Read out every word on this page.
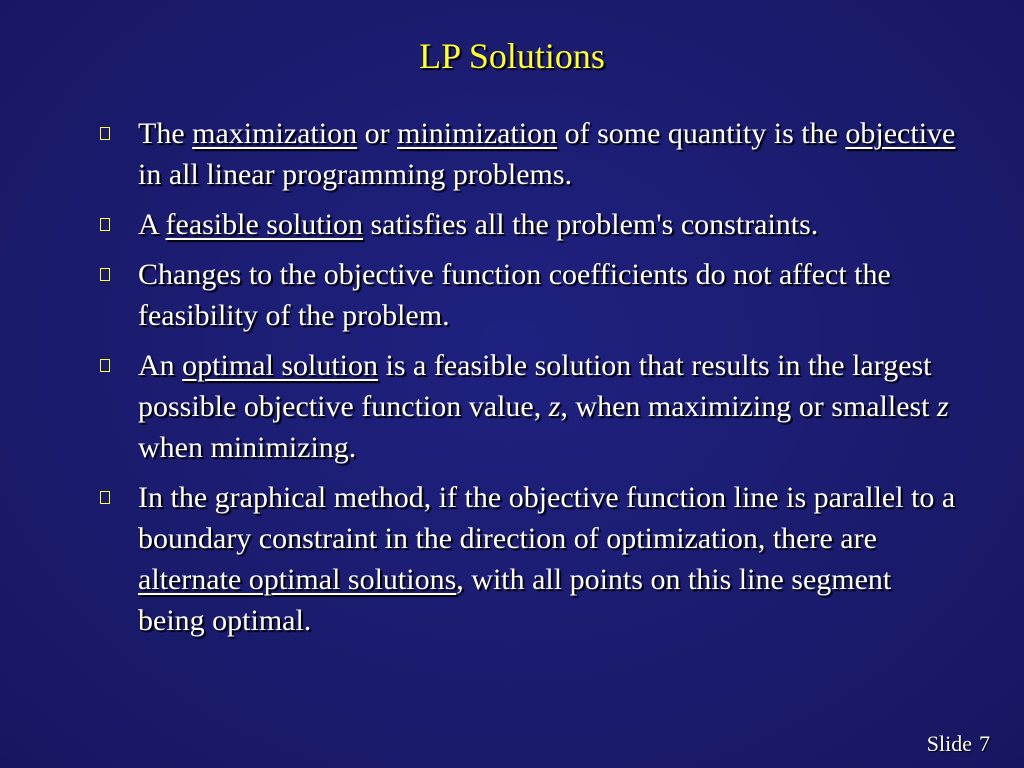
LP Solutions
The maximization or minimization of some quantity is the objective in all linear programming problems.
A feasible solution satisfies all the problem's constraints.
Changes to the objective function coefficients do not affect the feasibility of the problem.
An optimal solution is a feasible solution that results in the largest possible objective function value, z, when maximizing or smallest z when minimizing.
In the graphical method, if the objective function line is parallel to a boundary constraint in the direction of optimization, there are alternate optimal solutions, with all points on this line segment being optimal.
Slide 7
